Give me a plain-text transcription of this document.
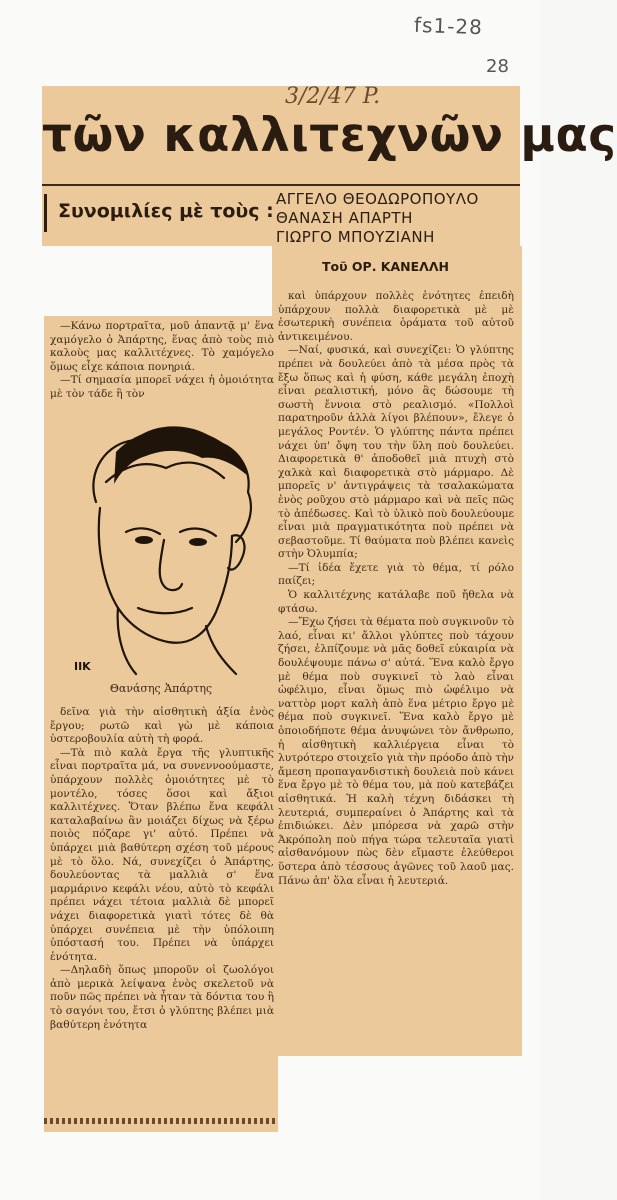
fs1-28
28
3/2/47 P.
τῶν καλλιτεχνῶν μας
Συνομιλίες μὲ τοὺς :
ΑΓΓΕΛΟ ΘΕΟΔΩΡΟΠΟΥΛΟ
ΘΑΝΑΣΗ ΑΠΑΡΤΗ
ΓΙΩΡΓΟ ΜΠΟΥΖΙΑΝΗ
Τοῦ ΟΡ. ΚΑΝΕΛΛΗ

—Κάνω πορτραῖτα, μοῦ ἀπαντᾷ μ' ἕνα χαμόγελο ὁ Ἀπάρτης, ἕνας ἀπὸ τοὺς πιὸ καλοὺς μας καλλιτέχνες. Τὸ χαμόγελο ὅμως εἶχε κάποια πονηριά.

—Τί σημασία μπορεῖ νάχει ἡ ὁμοιότητα μὲ τὸν τάδε ἢ τὸν

ΙΙΚ
Θανάσης Ἀπάρτης

δεῖνα γιὰ τὴν αἰσθητικὴ ἀξία ἑνὸς ἔργου; ρωτῶ καὶ γὼ μὲ κάποια ὑστεροβουλία αὐτὴ τὴ φορά.

—Τὰ πιὸ καλὰ ἔργα τῆς γλυπτικῆς εἶναι πορτραῖτα μά, να συνεννοούμαστε, ὑπάρχουν πολλὲς ὁμοιότητες μὲ τὸ μοντέλο, τόσες ὅσοι καὶ ἄξιοι καλλιτέχνες. Ὅταν βλέπω ἕνα κεφάλι καταλαβαίνω ἂν μοιάζει δίχως νὰ ξέρω ποιὸς πόζαρε γι' αὐτό. Πρέπει νὰ ὑπάρχει μιὰ βαθύτερη σχέση τοῦ μέρους μὲ τὸ ὅλο. Νά, συνεχίζει ὁ Ἀπάρτης, δουλεύοντας τὰ μαλλιὰ σ' ἕνα μαρμάρινο κεφάλι νέου, αὐτὸ τὸ κεφάλι πρέπει νάχει τέτοια μαλλιὰ δὲ μπορεῖ νάχει διαφορετικὰ γιατὶ τότες δὲ θὰ ὑπάρχει συνέπεια μὲ τὴν ὑπόλοιπη ὑπόστασή του. Πρέπει νὰ ὑπάρχει ἑνότητα.

—Δηλαδὴ ὅπως μποροῦν οἱ ζωολόγοι ἀπὸ μερικὰ λείψανα ἑνὸς σκελετοῦ νὰ ποῦν πῶς πρέπει νὰ ἦταν τὰ δόντια του ἢ τὸ σαγόνι του, ἔτσι ὁ γλύπτης βλέπει μιὰ βαθύτερη ἑνότητα

καὶ ὑπάρχουν πολλὲς ἑνότητες ἐπειδὴ ὑπάρχουν πολλὰ διαφορετικὰ μὲ μὲ ἐσωτερικὴ συνέπεια ὁράματα τοῦ αὐτοῦ ἀντικειμένου.

—Ναί, φυσικά, καὶ συνεχίζει: Ὁ γλύπτης πρέπει νὰ δουλεύει ἀπὸ τὰ μέσα πρὸς τὰ ἔξω ὅπως καὶ ἡ φύση, κάθε μεγάλη ἐποχὴ εἶναι ρεαλιστική, μόνο ἂς δώσουμε τὴ σωστὴ ἔννοια στὸ ρεαλισμό. «Πολλοὶ παρατηροῦν ἀλλὰ λίγοι βλέπουν», ἔλεγε ὁ μεγάλος Ροντέν. Ὁ γλύπτης πάντα πρέπει νάχει ὑπ' ὄψη του τὴν ὕλη ποὺ δουλεύει. Διαφορετικὰ θ' ἀποδοθεῖ μιὰ πτυχὴ στὸ χαλκὰ καὶ διαφορετικὰ στὸ μάρμαρο. Δὲ μπορεῖς ν' ἀντιγράψεις τὰ τσαλακώματα ἑνὸς ροῦχου στὸ μάρμαρο καὶ νὰ πεῖς πῶς τὸ ἀπέδωσες. Καὶ τὸ ὑλικὸ ποὺ δουλεύουμε εἶναι μιὰ πραγματικότητα ποὺ πρέπει νὰ σεβαστοῦμε. Τί θαύματα ποὺ βλέπει κανεὶς στὴν Ὀλυμπία;

—Τί ἰδέα ἔχετε γιὰ τὸ θέμα, τί ρόλο παίζει;

Ὁ καλλιτέχνης κατάλαβε ποῦ ἤθελα νὰ φτάσω.

—Ἔχω ζήσει τὰ θέματα ποὺ συγκινοῦν τὸ λαό, εἶναι κι' ἄλλοι γλύπτες ποὺ τάχουν ζήσει, ἐλπίζουμε νὰ μᾶς δοθεῖ εὐκαιρία νὰ δουλέψουμε πάνω σ' αὐτά. Ἕνα καλὸ ἔργο μὲ θέμα ποὺ συγκινεῖ τὸ λαὸ εἶναι ὠφέλιμο, εἶναι ὅμως πιὸ ὠφέλιμο νὰ ναττὸρ μορτ καλὴ ἀπὸ ἕνα μέτριο ἔργο μὲ θέμα ποὺ συγκινεῖ. Ἕνα καλὸ ἔργο μὲ ὁποιοδήποτε θέμα ἀνυψώνει τὸν ἄνθρωπο, ἡ αἰσθητικὴ καλλιέργεια εἶναι τὸ λυτρότερο στοιχεῖο γιὰ τὴν πρόοδο ἀπὸ τὴν ἄμεση προπαγανδιστικὴ δουλειὰ ποὺ κάνει ἕνα ἔργο μὲ τὸ θέμα του, μὰ ποὺ κατεβάζει αἰσθητικά. Ἡ καλὴ τέχνη διδάσκει τὴ λευτεριά, συμπεραίνει ὁ Ἀπάρτης καὶ τὰ ἐπιδιώκει. Δὲν μπόρεσα νὰ χαρῶ στὴν Ἀκρόπολη ποὺ πήγα τώρα τελευταῖα γιατὶ αἰσθανόμουν πὼς δὲν εἴμαστε ἐλεύθεροι ὕστερα ἀπὸ τέσσους ἀγῶνες τοῦ λαοῦ μας. Πάνω ἀπ' ὅλα εἶναι ἡ λευτεριά.
